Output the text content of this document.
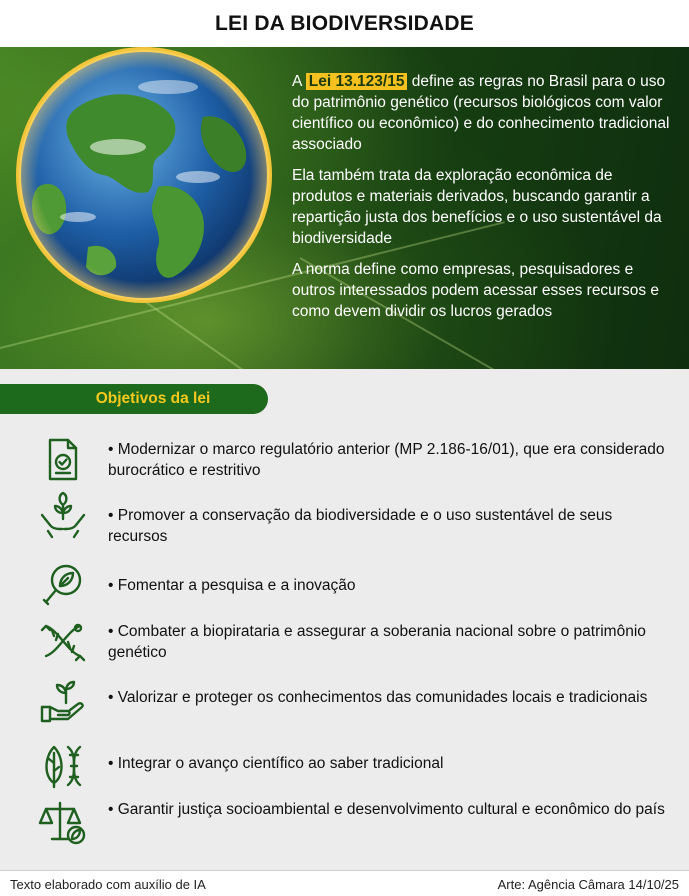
LEI DA BIODIVERSIDADE

A Lei 13.123/15 define as regras no Brasil para o uso do patrimônio genético (recursos biológicos com valor científico ou econômico) e do conhecimento tradicional associado

Ela também trata da exploração econômica de produtos e materiais derivados, buscando garantir a repartição justa dos benefícios e o uso sustentável da biodiversidade

A norma define como empresas, pesquisadores e outros interessados podem acessar esses recursos e como devem dividir os lucros gerados

Objetivos da lei
• Modernizar o marco regulatório anterior (MP 2.186-16/01), que era considerado burocrático e restritivo
• Promover a conservação da biodiversidade e o uso sustentável de seus recursos
• Fomentar a pesquisa e a inovação
• Combater a biopirataria e assegurar a soberania nacional sobre o patrimônio genético
• Valorizar e proteger os conhecimentos das comunidades locais e tradicionais
• Integrar o avanço científico ao saber tradicional
• Garantir justiça socioambiental e desenvolvimento cultural e econômico do país
Texto elaborado com auxílio de IA	Arte: Agência Câmara 14/10/25
